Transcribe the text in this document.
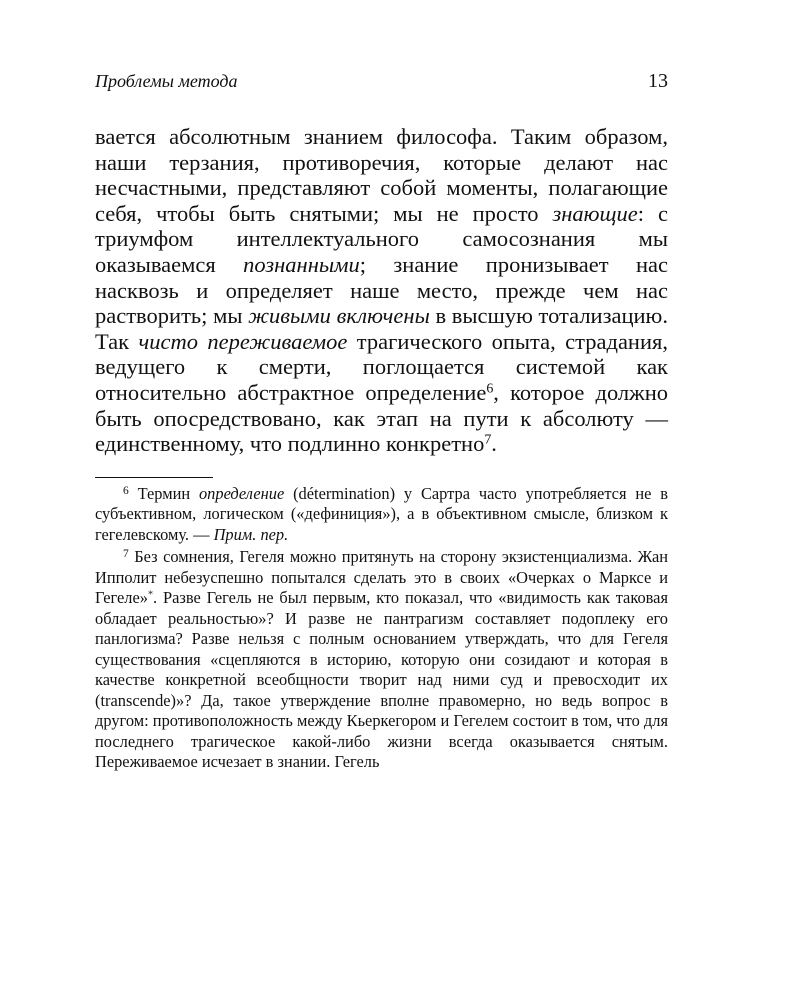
Проблемы метода	13

вается абсолютным знанием философа. Таким образом, наши терзания, противоречия, которые делают нас несчастными, представляют собой моменты, полагающие себя, чтобы быть снятыми; мы не просто знающие: с триумфом интеллектуального самосознания мы оказываемся познанными; знание пронизывает нас насквозь и определяет наше место, прежде чем нас растворить; мы живыми включены в высшую тотализацию. Так чисто переживаемое трагического опыта, страдания, ведущего к смерти, поглощается системой как относительно абстрактное определение$^6$, которое должно быть опосредствовано, как этап на пути к абсолюту — единственному, что подлинно конкретно$^7$.

$^6$ Термин определение (détermination) у Сартра часто употребляется не в субъективном, логическом («дефиниция»), а в объективном смысле, близком к гегелевскому. — Прим. пер.

$^7$ Без сомнения, Гегеля можно притянуть на сторону экзистенциализма. Жан Ипполит небезуспешно попытался сделать это в своих «Очерках о Марксе и Гегеле»*. Разве Гегель не был первым, кто показал, что «видимость как таковая обладает реальностью»? И разве не пантрагизм составляет подоплеку его панлогизма? Разве нельзя с полным основанием утверждать, что для Гегеля существования «сцепляются в историю, которую они созидают и которая в качестве конкретной всеобщности творит над ними суд и превосходит их (transcende)»? Да, такое утверждение вполне правомерно, но ведь вопрос в другом: противоположность между Кьеркегором и Гегелем состоит в том, что для последнего трагическое какой-либо жизни всегда оказывается снятым. Переживаемое исчезает в знании. Гегель
